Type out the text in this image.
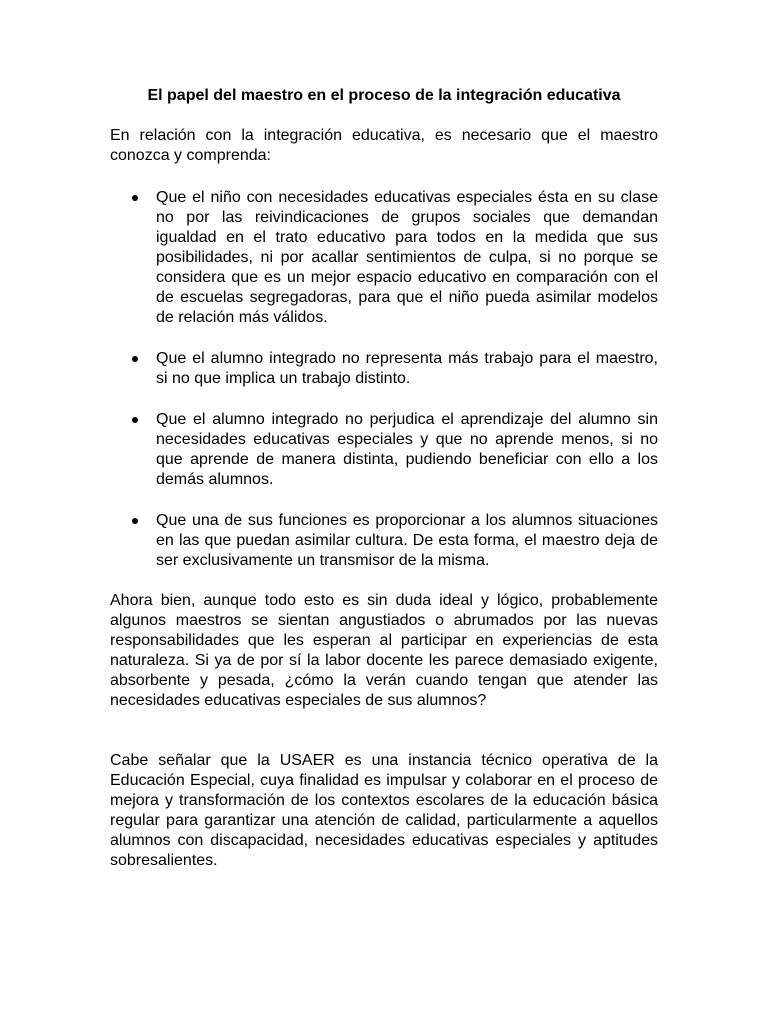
El papel del maestro en el proceso de la integración educativa

En relación con la integración educativa, es necesario que el maestro conozca y comprenda:

Que el niño con necesidades educativas especiales ésta en su clase no por las reivindicaciones de grupos sociales que demandan igualdad en el trato educativo para todos en la medida que sus posibilidades, ni por acallar sentimientos de culpa, si no porque se considera que es un mejor espacio educativo en comparación con el de escuelas segregadoras, para que el niño pueda asimilar modelos de relación más válidos.
Que el alumno integrado no representa más trabajo para el maestro, si no que implica un trabajo distinto.
Que el alumno integrado no perjudica el aprendizaje del alumno sin necesidades educativas especiales y que no aprende menos, si no que aprende de manera distinta, pudiendo beneficiar con ello a los demás alumnos.
Que una de sus funciones es proporcionar a los alumnos situaciones en las que puedan asimilar cultura. De esta forma, el maestro deja de ser exclusivamente un transmisor de la misma.

Ahora bien, aunque todo esto es sin duda ideal y lógico, probablemente algunos maestros se sientan angustiados o abrumados por las nuevas responsabilidades que les esperan al participar en experiencias de esta naturaleza. Si ya de por sí la labor docente les parece demasiado exigente, absorbente y pesada, ¿cómo la verán cuando tengan que atender las necesidades educativas especiales de sus alumnos?

Cabe señalar que la USAER es una instancia técnico operativa de la Educación Especial, cuya finalidad es impulsar y colaborar en el proceso de mejora y transformación de los contextos escolares de la educación básica regular para garantizar una atención de calidad, particularmente a aquellos alumnos con discapacidad, necesidades educativas especiales y aptitudes sobresalientes.
